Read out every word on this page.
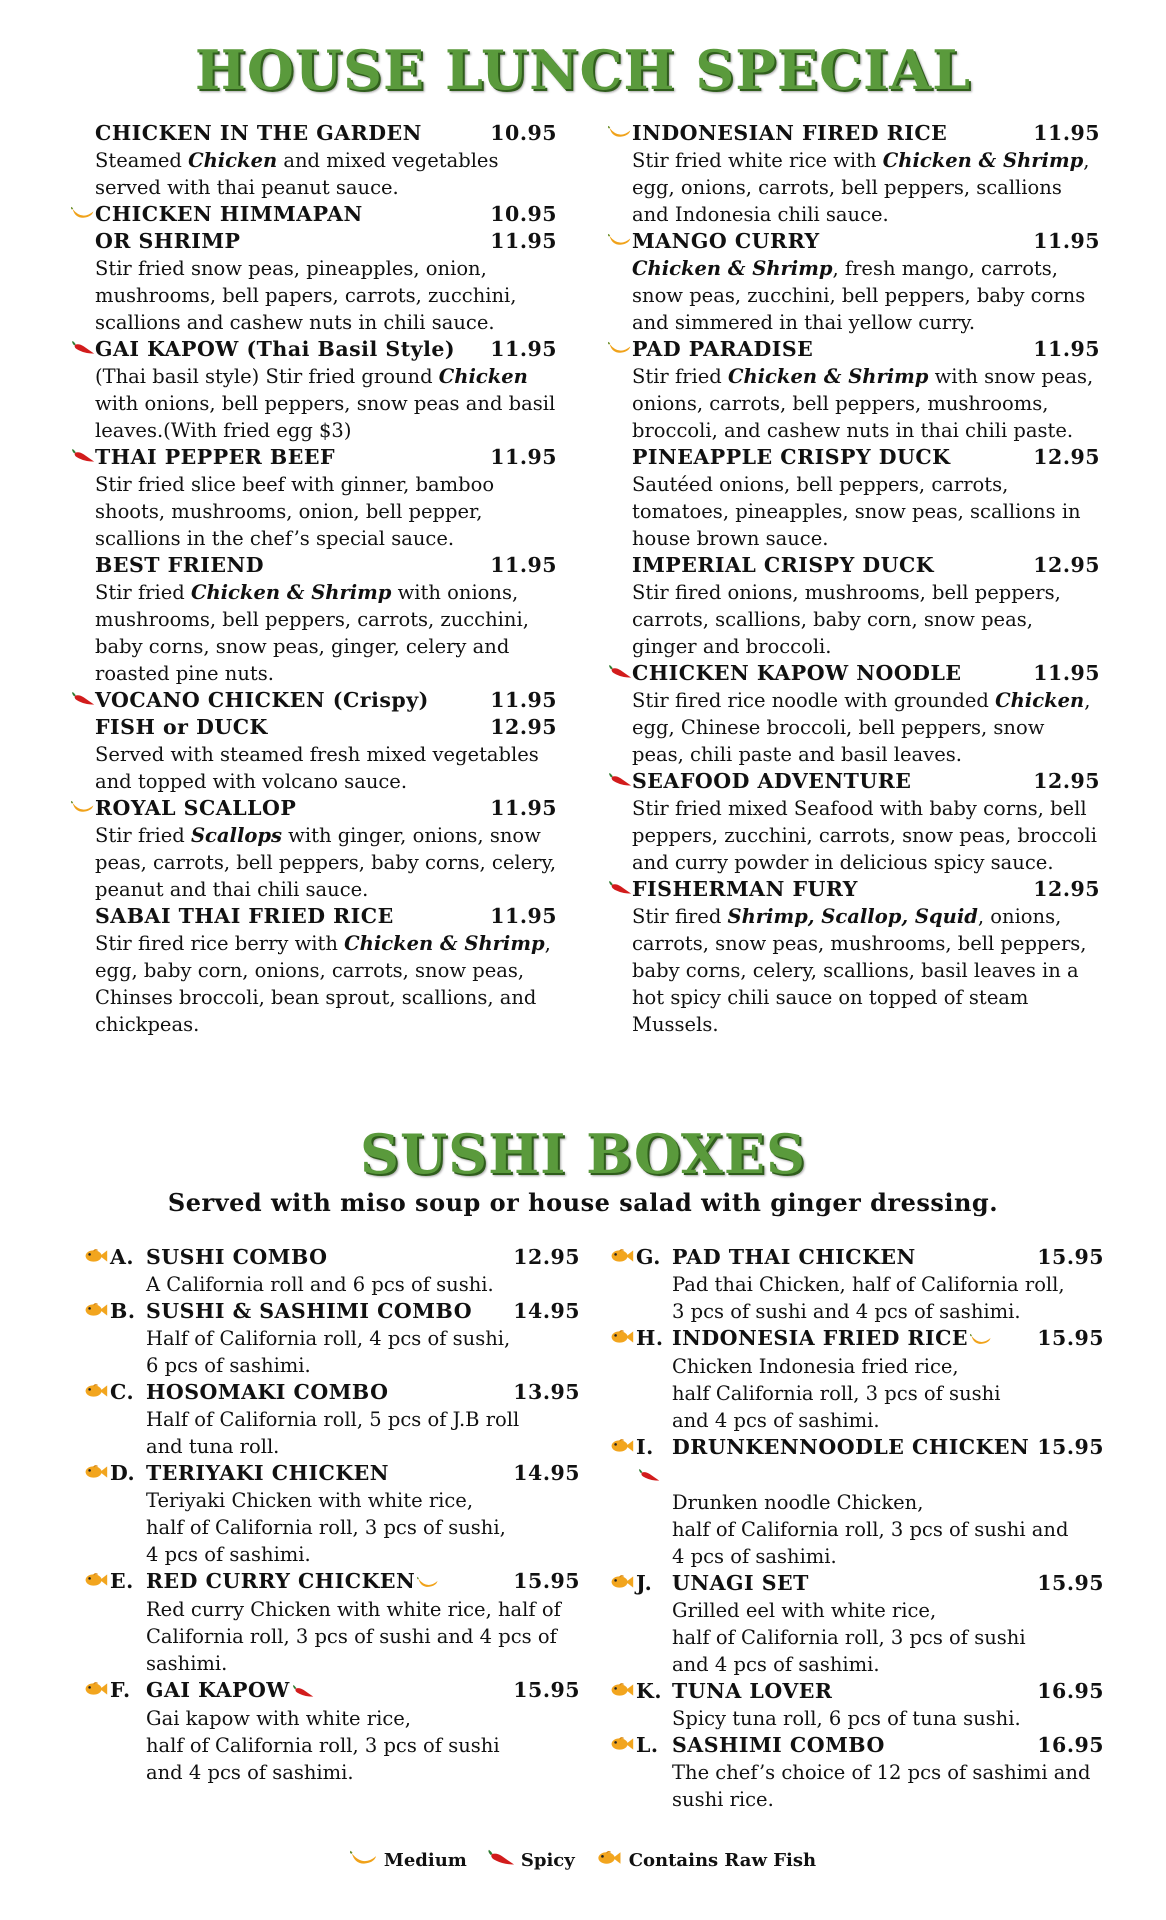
HOUSE LUNCH SPECIAL
CHICKEN IN THE GARDEN	10.95
Steamed Chicken and mixed vegetables served with thai peanut sauce.
CHICKEN HIMMAPAN	10.95
OR SHRIMP	11.95
Stir fried snow peas, pineapples, onion, mushrooms, bell papers, carrots, zucchini, scallions and cashew nuts in chili sauce.
GAI KAPOW (Thai Basil Style) 11.95
(Thai basil style) Stir fried ground Chicken with onions, bell peppers, snow peas and basil leaves.(With fried egg $3)
THAI PEPPER BEEF	11.95
Stir fried slice beef with ginner, bamboo shoots, mushrooms, onion, bell pepper, scallions in the chef’s special sauce.
BEST FRIEND	11.95
Stir fried Chicken & Shrimp with onions, mushrooms, bell peppers, carrots, zucchini, baby corns, snow peas, ginger, celery and roasted pine nuts.
VOCANO CHICKEN (Crispy)	11.95
FISH or DUCK	12.95
Served with steamed fresh mixed vegetables and topped with volcano sauce.
ROYAL SCALLOP	11.95
Stir fried Scallops with ginger, onions, snow peas, carrots, bell peppers, baby corns, celery, peanut and thai chili sauce.
SABAI THAI FRIED RICE	11.95
Stir fired rice berry with Chicken & Shrimp, egg, baby corn, onions, carrots, snow peas, Chinses broccoli, bean sprout, scallions, and chickpeas.
INDONESIAN FIRED RICE	11.95
Stir fried white rice with Chicken & Shrimp, egg, onions, carrots, bell peppers, scallions and Indonesia chili sauce.
MANGO CURRY	11.95
Chicken & Shrimp, fresh mango, carrots, snow peas, zucchini, bell peppers, baby corns and simmered in thai yellow curry.
PAD PARADISE	11.95
Stir fried Chicken & Shrimp with snow peas, onions, carrots, bell peppers, mushrooms, broccoli, and cashew nuts in thai chili paste.
PINEAPPLE CRISPY DUCK	12.95
Sautéed onions, bell peppers, carrots, tomatoes, pineapples, snow peas, scallions in house brown sauce.
IMPERIAL CRISPY DUCK	12.95
Stir fired onions, mushrooms, bell peppers, carrots, scallions, baby corn, snow peas, ginger and broccoli.
CHICKEN KAPOW NOODLE	11.95
Stir fired rice noodle with grounded Chicken, egg, Chinese broccoli, bell peppers, snow peas, chili paste and basil leaves.
SEAFOOD ADVENTURE	12.95
Stir fried mixed Seafood with baby corns, bell peppers, zucchini, carrots, snow peas, broccoli and curry powder in delicious spicy sauce.
FISHERMAN FURY	12.95
Stir fired Shrimp, Scallop, Squid, onions, carrots, snow peas, mushrooms, bell peppers, baby corns, celery, scallions, basil leaves in a hot spicy chili sauce on topped of steam Mussels.
SUSHI BOXES
Served with miso soup or house salad with ginger dressing.
A. SUSHI COMBO	12.95
A California roll and 6 pcs of sushi.
B. SUSHI & SASHIMI COMBO 14.95
Half of California roll, 4 pcs of sushi,
6 pcs of sashimi.
C. HOSOMAKI COMBO	13.95
Half of California roll, 5 pcs of J.B roll
and tuna roll.
D. TERIYAKI CHICKEN	14.95
Teriyaki Chicken with white rice,
half of California roll, 3 pcs of sushi,
4 pcs of sashimi.
E. RED CURRY CHICKEN	15.95
Red curry Chicken with white rice, half of California roll, 3 pcs of sushi and 4 pcs of sashimi.
F. GAI KAPOW	15.95
Gai kapow with white rice,
half of California roll, 3 pcs of sushi
and 4 pcs of sashimi.
G. PAD THAI CHICKEN	15.95
Pad thai Chicken, half of California roll,
3 pcs of sushi and 4 pcs of sashimi.
H. INDONESIA FRIED RICE	15.95
Chicken Indonesia fried rice,
half California roll, 3 pcs of sushi
and 4 pcs of sashimi.
I. DRUNKENNOODLE CHICKEN 15.95
Drunken noodle Chicken,
half of California roll, 3 pcs of sushi and
4 pcs of sashimi.
J. UNAGI SET	15.95
Grilled eel with white rice,
half of California roll, 3 pcs of sushi
and 4 pcs of sashimi.
K. TUNA LOVER	16.95
Spicy tuna roll, 6 pcs of tuna sushi.
L. SASHIMI COMBO	16.95
The chef’s choice of 12 pcs of sashimi and sushi rice.
Medium	Spicy	Contains Raw Fish
